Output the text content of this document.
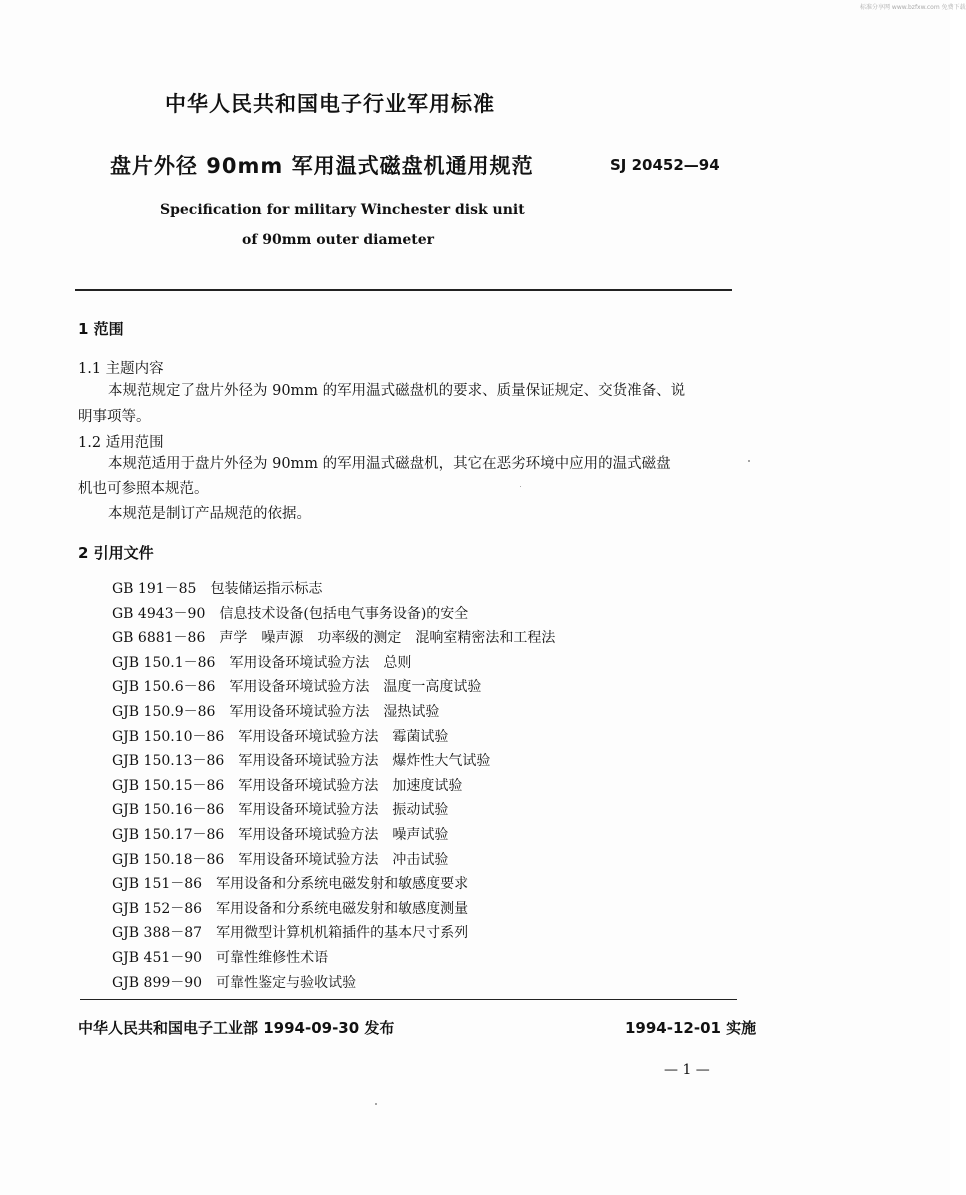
标准分享网 www.bzfxw.com 免费下载
中华人民共和国电子行业军用标准
盘片外径 90mm 军用温式磁盘机通用规范	SJ 20452—94
Specification for military Winchester disk unit
of 90mm outer diameter
1 范围
1.1 主题内容
本规范规定了盘片外径为 90mm 的军用温式磁盘机的要求、质量保证规定、交货准备、说
明事项等。
1.2 适用范围
本规范适用于盘片外径为 90mm 的军用温式磁盘机，其它在恶劣环境中应用的温式磁盘
机也可参照本规范。
本规范是制订产品规范的依据。
2 引用文件
GB 191－85 包装储运指示标志
GB 4943－90 信息技术设备(包括电气事务设备)的安全
GB 6881－86 声学　噪声源　功率级的测定　混响室精密法和工程法
GJB 150.1－86 军用设备环境试验方法　总则
GJB 150.6－86 军用设备环境试验方法　温度一高度试验
GJB 150.9－86 军用设备环境试验方法　湿热试验
GJB 150.10－86 军用设备环境试验方法　霉菌试验
GJB 150.13－86 军用设备环境试验方法　爆炸性大气试验
GJB 150.15－86 军用设备环境试验方法　加速度试验
GJB 150.16－86 军用设备环境试验方法　振动试验
GJB 150.17－86 军用设备环境试验方法　噪声试验
GJB 150.18－86 军用设备环境试验方法　冲击试验
GJB 151－86 军用设备和分系统电磁发射和敏感度要求
GJB 152－86 军用设备和分系统电磁发射和敏感度测量
GJB 388－87 军用微型计算机机箱插件的基本尺寸系列
GJB 451－90 可靠性维修性术语
GJB 899－90 可靠性鉴定与验收试验
中华人民共和国电子工业部 1994-09-30 发布	1994-12-01 实施
— 1 —
